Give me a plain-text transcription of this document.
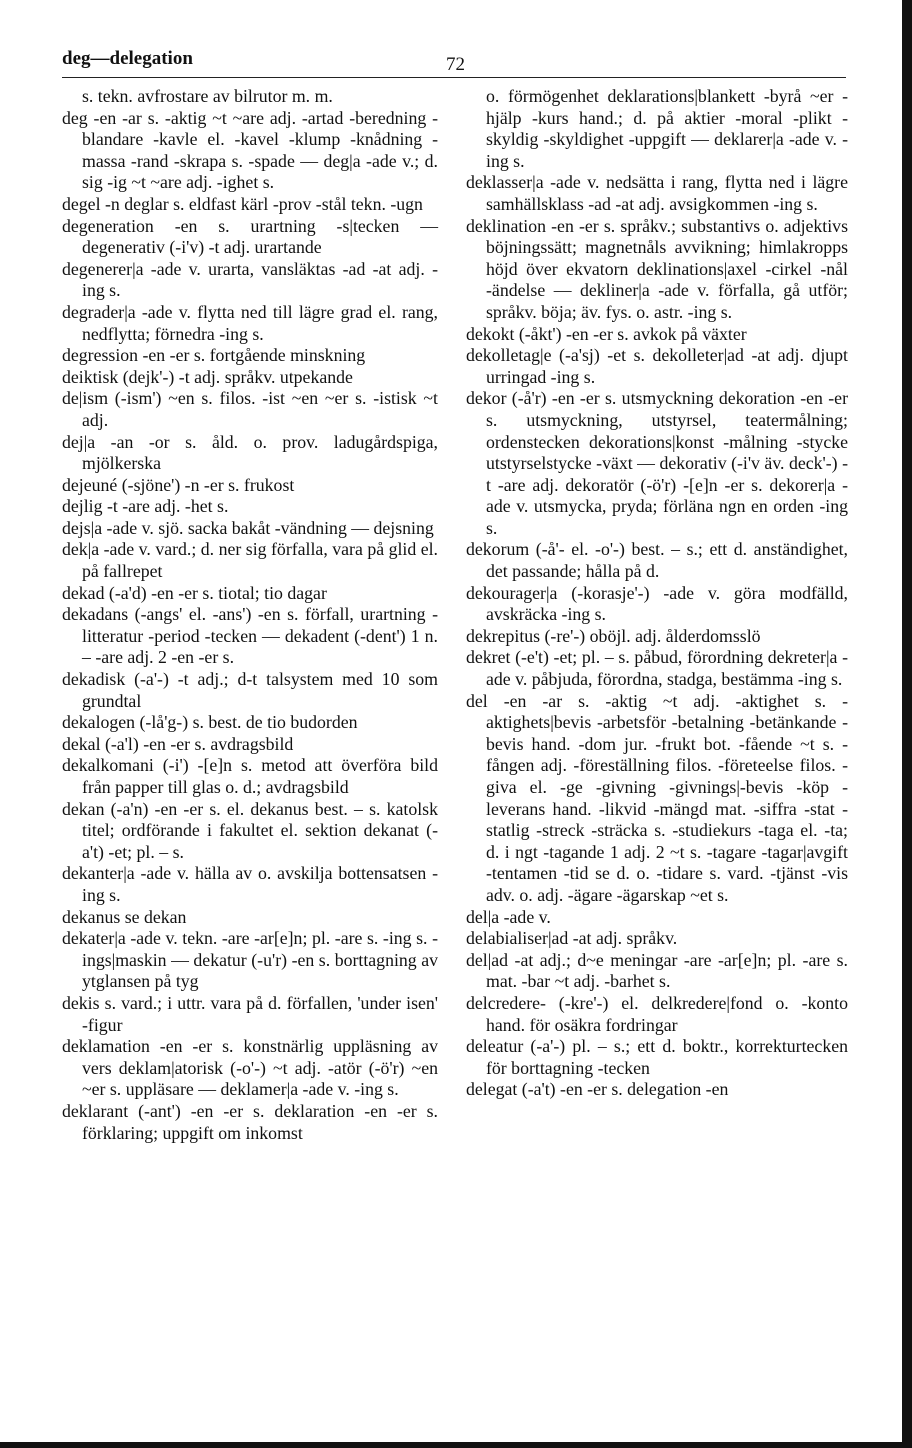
deg—delegation	72

s. tekn. avfrostare av bilrutor m. m.

deg -en -ar s. -aktig ~t ~are adj. -artad -beredning -blandare -kavle el. -kavel -klump -knådning -massa -rand -skrapa s. -spade — deg|a -ade v.; d. sig -ig ~t ~are adj. -ighet s.

degel -n deglar s. eldfast kärl -prov -stål tekn. -ugn

degeneration -en s. urartning -s|tecken — degenerativ (-i'v) -t adj. urartande

degenerer|a -ade v. urarta, vansläktas -ad -at adj. -ing s.

degrader|a -ade v. flytta ned till lägre grad el. rang, nedflytta; förnedra -ing s.

degression -en -er s. fortgående minskning

deiktisk (dejk'-) -t adj. språkv. utpekande

de|ism (-ism') ~en s. filos. -ist ~en ~er s. -istisk ~t adj.

dej|a -an -or s. åld. o. prov. ladugårdspiga, mjölkerska

dejeuné (-sjöne') -n -er s. frukost

dejlig -t -are adj. -het s.

dejs|a -ade v. sjö. sacka bakåt -vändning — dejsning

dek|a -ade v. vard.; d. ner sig förfalla, vara på glid el. på fallrepet

dekad (-a'd) -en -er s. tiotal; tio dagar

dekadans (-angs' el. -ans') -en s. förfall, urartning -litteratur -period -tecken — dekadent (-dent') 1 n. – -are adj. 2 -en -er s.

dekadisk (-a'-) -t adj.; d-t talsystem med 10 som grundtal

dekalogen (-lå'g-) s. best. de tio budorden

dekal (-a'l) -en -er s. avdragsbild

dekalkomani (-i') -[e]n s. metod att överföra bild från papper till glas o. d.; avdragsbild

dekan (-a'n) -en -er s. el. dekanus best. – s. katolsk titel; ordförande i fakultet el. sektion dekanat (-a't) -et; pl. – s.

dekanter|a -ade v. hälla av o. avskilja bottensatsen -ing s.

dekanus se dekan

dekater|a -ade v. tekn. -are -ar[e]n; pl. -are s. -ing s. -ings|maskin — dekatur (-u'r) -en s. borttagning av ytglansen på tyg

dekis s. vard.; i uttr. vara på d. förfallen, 'under isen' -figur

deklamation -en -er s. konstnärlig uppläsning av vers deklam|atorisk (-o'-) ~t adj. -atör (-ö'r) ~en ~er s. uppläsare — deklamer|a -ade v. -ing s.

deklarant (-ant') -en -er s. deklaration -en -er s. förklaring; uppgift om inkomst

o. förmögenhet deklarations|blankett -byrå ~er -hjälp -kurs hand.; d. på aktier -moral -plikt -skyldig -skyldighet -uppgift — deklarer|a -ade v. -ing s.

deklasser|a -ade v. nedsätta i rang, flytta ned i lägre samhällsklass -ad -at adj. avsigkommen -ing s.

deklination -en -er s. språkv.; substantivs o. adjektivs böjningssätt; magnetnåls avvikning; himlakropps höjd över ekvatorn deklinations|axel -cirkel -nål -ändelse — dekliner|a -ade v. förfalla, gå utför; språkv. böja; äv. fys. o. astr. -ing s.

dekokt (-åkt') -en -er s. avkok på växter

dekolletag|e (-a'sj) -et s. dekolleter|ad -at adj. djupt urringad -ing s.

dekor (-å'r) -en -er s. utsmyckning dekoration -en -er s. utsmyckning, utstyrsel, teatermålning; ordenstecken dekorations|konst -målning -stycke utstyrselstycke -växt — dekorativ (-i'v äv. deck'-) -t -are adj. dekoratör (-ö'r) -[e]n -er s. dekorer|a -ade v. utsmycka, pryda; förläna ngn en orden -ing s.

dekorum (-å'- el. -o'-) best. – s.; ett d. anständighet, det passande; hålla på d.

dekourager|a (-korasje'-) -ade v. göra modfälld, avskräcka -ing s.

dekrepitus (-re'-) oböjl. adj. ålderdomsslö

dekret (-e't) -et; pl. – s. påbud, förordning dekreter|a -ade v. påbjuda, förordna, stadga, bestämma -ing s.

del -en -ar s. -aktig ~t adj. -aktighet s. -aktighets|bevis -arbetsför -betalning -betänkande -bevis hand. -dom jur. -frukt bot. -fående ~t s. -fången adj. -föreställning filos. -företeelse filos. -giva el. -ge -givning -givnings|-bevis -köp -leverans hand. -likvid -mängd mat. -siffra -stat -statlig -streck -sträcka s. -studiekurs -taga el. -ta; d. i ngt -tagande 1 adj. 2 ~t s. -tagare -tagar|avgift -tentamen -tid se d. o. -tidare s. vard. -tjänst -vis adv. o. adj. -ägare -ägarskap ~et s.

del|a -ade v.

delabialiser|ad -at adj. språkv.

del|ad -at adj.; d~e meningar -are -ar[e]n; pl. -are s. mat. -bar ~t adj. -barhet s.

delcredere- (-kre'-) el. delkredere|fond o. -konto hand. för osäkra fordringar

deleatur (-a'-) pl. – s.; ett d. boktr., korrekturtecken för borttagning -tecken

delegat (-a't) -en -er s. delegation -en
